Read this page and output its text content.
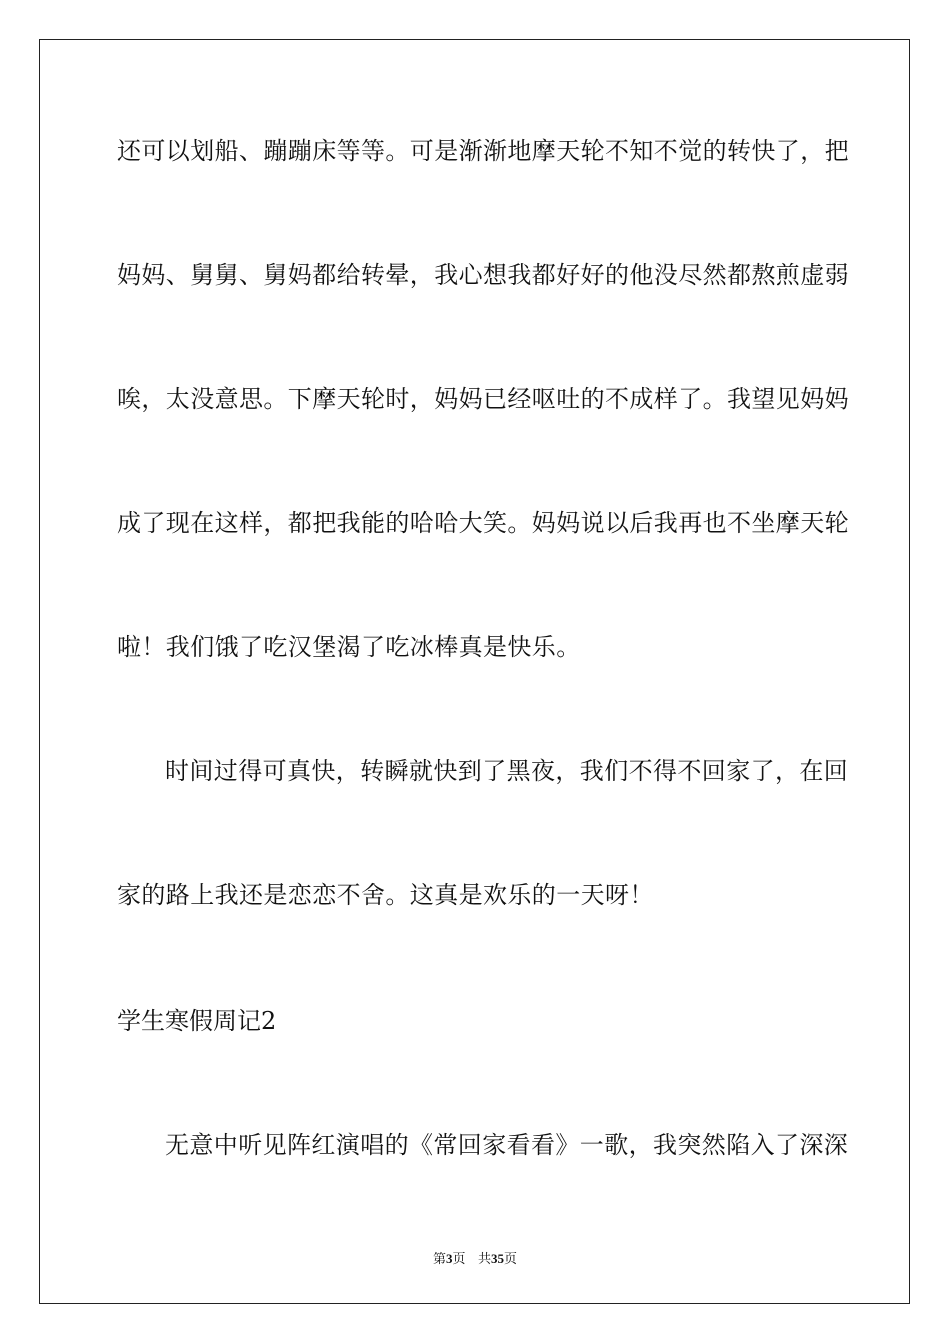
还可以划船、蹦蹦床等等。可是渐渐地摩天轮不知不觉的转快了，把

妈妈、舅舅、舅妈都给转晕，我心想我都好好的他没尽然都熬煎虚弱

唉，太没意思。下摩天轮时，妈妈已经呕吐的不成样了。我望见妈妈

成了现在这样，都把我能的哈哈大笑。妈妈说以后我再也不坐摩天轮

啦！我们饿了吃汉堡渴了吃冰棒真是快乐。

时间过得可真快，转瞬就快到了黑夜，我们不得不回家了，在回

家的路上我还是恋恋不舍。这真是欢乐的一天呀！

学生寒假周记2

无意中听见阵红演唱的《常回家看看》一歌，我突然陷入了深深

第3页 共35页
